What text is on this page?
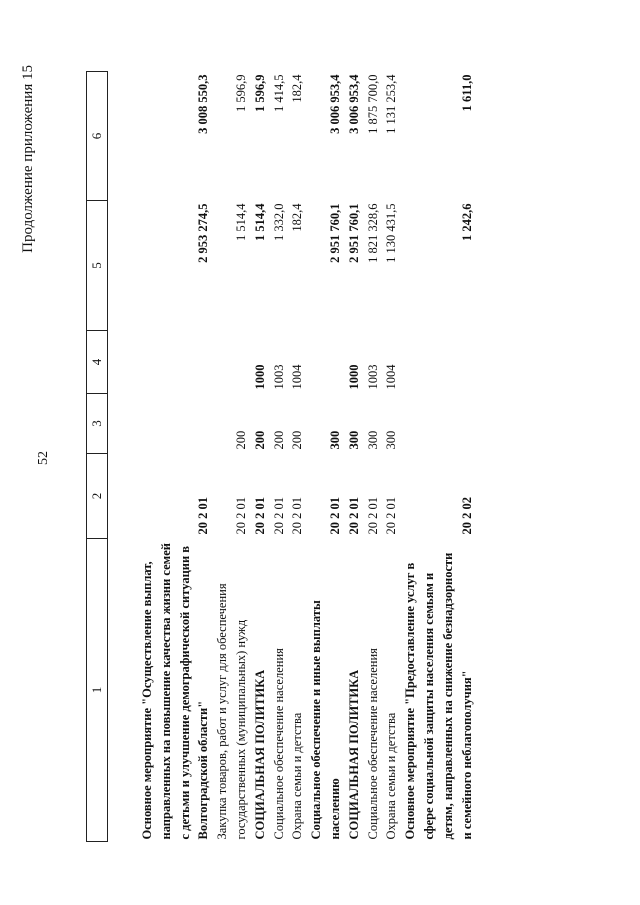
52
Продолжение приложения 15
1	2	3	4	5	6
Основное мероприятие "Осуществление выплат, направленных на повышение качества жизни семей с детьми и улучшение демографической ситуации в Волгоградской области"	20 2 01			2 953 274,5	3 008 550,3
Закупка товаров, работ и услуг для обеспечения государственных (муниципальных) нужд	20 2 01	200		1 514,4	1 596,9
СОЦИАЛЬНАЯ ПОЛИТИКА	20 2 01	200	1000	1 514,4	1 596,9
Социальное обеспечение населения	20 2 01	200	1003	1 332,0	1 414,5
Охрана семьи и детства	20 2 01	200	1004	182,4	182,4
Социальное обеспечение и иные выплаты населению	20 2 01	300		2 951 760,1	3 006 953,4
СОЦИАЛЬНАЯ ПОЛИТИКА	20 2 01	300	1000	2 951 760,1	3 006 953,4
Социальное обеспечение населения	20 2 01	300	1003	1 821 328,6	1 875 700,0
Охрана семьи и детства	20 2 01	300	1004	1 130 431,5	1 131 253,4
Основное мероприятие "Предоставление услуг в сфере социальной защиты населения семьям и детям, направленных на снижение безнадзорности и семейного неблагополучия"	20 2 02			1 242,6	1 611,0
